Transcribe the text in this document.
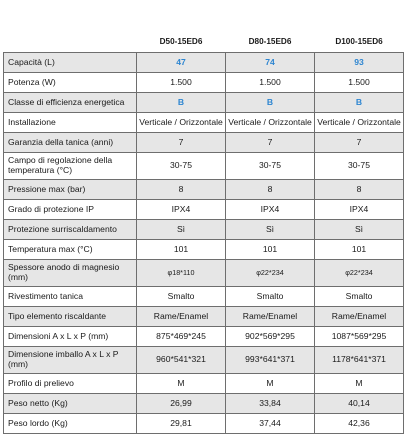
	D50-15ED6	D80-15ED6	D100-15ED6
Capacità (L)	47	74	93
Potenza (W)	1.500	1.500	1.500
Classe di efficienza energetica	B	B	B
Installazione	Verticale / Orizzontale	Verticale / Orizzontale	Verticale / Orizzontale
Garanzia della tanica (anni)	7	7	7
Campo di regolazione della temperatura (°C)	30-75	30-75	30-75
Pressione max (bar)	8	8	8
Grado di protezione IP	IPX4	IPX4	IPX4
Protezione surriscaldamento	Sì	Sì	Sì
Temperatura max (°C)	101	101	101
Spessore anodo di magnesio (mm)	φ18*110	φ22*234	φ22*234
Rivestimento tanica	Smalto	Smalto	Smalto
Tipo elemento riscaldante	Rame/Enamel	Rame/Enamel	Rame/Enamel
Dimensioni A x L x P (mm)	875*469*245	902*569*295	1087*569*295
Dimensione imballo A x L x P (mm)	960*541*321	993*641*371	1178*641*371
Profilo di prelievo	M	M	M
Peso netto (Kg)	26,99	33,84	40,14
Peso lordo (Kg)	29,81	37,44	42,36
